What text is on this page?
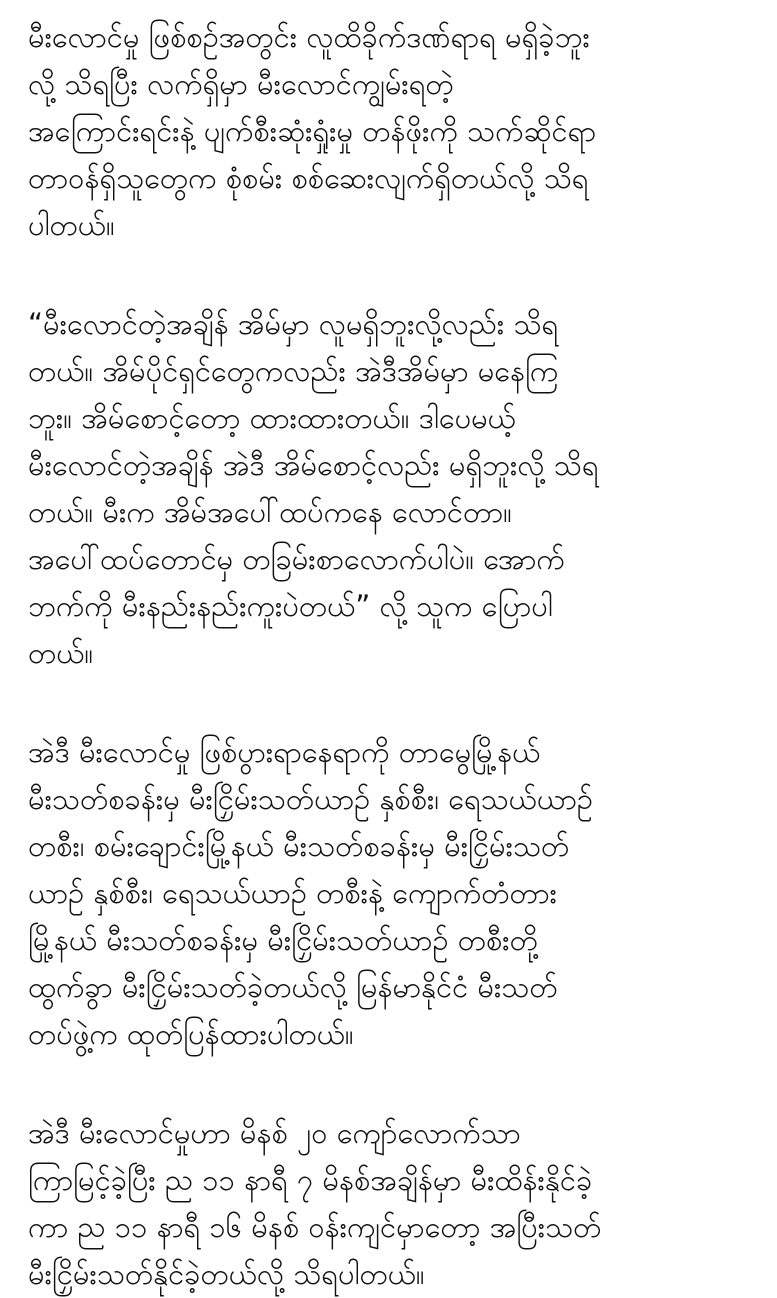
မီးလောင်မှု ဖြစ်စဉ်အတွင်း လူထိခိုက်ဒဏ်ရာရ မရှိခဲ့ဘူး
လို့ သိရပြီး လက်ရှိမှာ မီးလောင်ကျွမ်းရတဲ့
အကြောင်းရင်းနဲ့ ပျက်စီးဆုံးရှုံးမှု တန်ဖိုးကို သက်ဆိုင်ရာ
တာဝန်ရှိသူတွေက စုံစမ်း စစ်ဆေးလျက်ရှိတယ်လို့ သိရ
ပါတယ်။
“မီးလောင်တဲ့အချိန် အိမ်မှာ လူမရှိဘူးလို့လည်း သိရ
တယ်။ အိမ်ပိုင်ရှင်တွေကလည်း အဲဒီအိမ်မှာ မနေကြ
ဘူး။ အိမ်စောင့်တော့ ထားထားတယ်။ ဒါပေမယ့်
မီးလောင်တဲ့အချိန် အဲဒီ အိမ်စောင့်လည်း မရှိဘူးလို့ သိရ
တယ်။ မီးက အိမ်အပေါ်ထပ်ကနေ လောင်တာ။
အပေါ်ထပ်တောင်မှ တခြမ်းစာလောက်ပါပဲ။ အောက်
ဘက်ကို မီးနည်းနည်းကူးပဲတယ်” လို့ သူက ပြောပါ
တယ်။
အဲဒီ မီးလောင်မှု ဖြစ်ပွားရာနေရာကို တာမွေမြို့နယ်
မီးသတ်စခန်းမှ မီးငြှိမ်းသတ်ယာဉ် နှစ်စီး၊ ရေသယ်ယာဉ်
တစီး၊ စမ်းချောင်းမြို့နယ် မီးသတ်စခန်းမှ မီးငြှိမ်းသတ်
ယာဉ် နှစ်စီး၊ ရေသယ်ယာဉ် တစီးနဲ့ ကျောက်တံတား
မြို့နယ် မီးသတ်စခန်းမှ မီးငြှိမ်းသတ်ယာဉ် တစီးတို့
ထွက်ခွာ မီးငြှိမ်းသတ်ခဲ့တယ်လို့ မြန်မာနိုင်ငံ မီးသတ်
တပ်ဖွဲ့က ထုတ်ပြန်ထားပါတယ်။
အဲဒီ မီးလောင်မှုဟာ မိနစ် ၂၀ ကျော်လောက်သာ
ကြာမြင့်ခဲ့ပြီး ည ၁၁ နာရီ ၇ မိနစ်အချိန်မှာ မီးထိန်းနိုင်ခဲ့
ကာ ည ၁၁ နာရီ ၁၆ မိနစ် ဝန်းကျင်မှာတော့ အပြီးသတ်
မီးငြှိမ်းသတ်နိုင်ခဲ့တယ်လို့ သိရပါတယ်။
